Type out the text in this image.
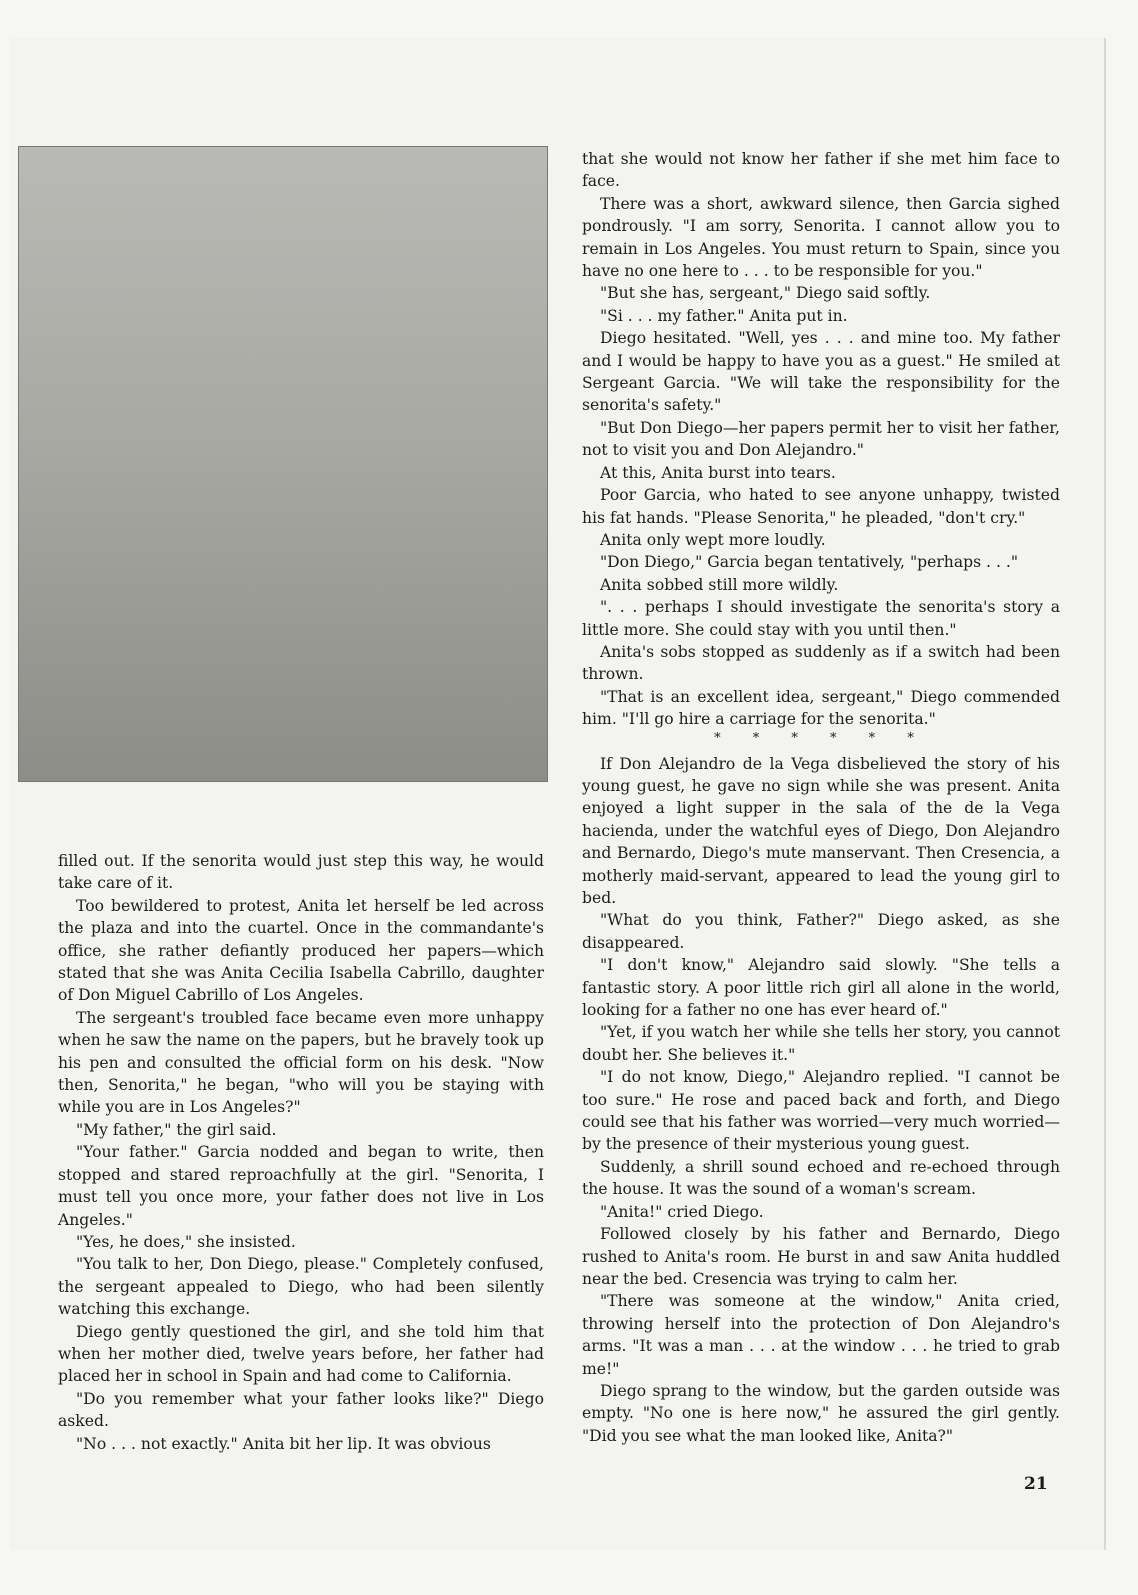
filled out. If the senorita would just step this way, he would take care of it.

Too bewildered to protest, Anita let herself be led across the plaza and into the cuartel. Once in the commandante's office, she rather defiantly produced her papers—which stated that she was Anita Cecilia Isabella Cabrillo, daughter of Don Miguel Cabrillo of Los Angeles.

The sergeant's troubled face became even more unhappy when he saw the name on the papers, but he bravely took up his pen and consulted the official form on his desk. "Now then, Senorita," he began, "who will you be staying with while you are in Los Angeles?"

"My father," the girl said.

"Your father." Garcia nodded and began to write, then stopped and stared reproachfully at the girl. "Senorita, I must tell you once more, your father does not live in Los Angeles."

"Yes, he does," she insisted.

"You talk to her, Don Diego, please." Completely confused, the sergeant appealed to Diego, who had been silently watching this exchange.

Diego gently questioned the girl, and she told him that when her mother died, twelve years before, her father had placed her in school in Spain and had come to California.

"Do you remember what your father looks like?" Diego asked.

"No . . . not exactly." Anita bit her lip. It was obvious

that she would not know her father if she met him face to face.

There was a short, awkward silence, then Garcia sighed pondrously. "I am sorry, Senorita. I cannot allow you to remain in Los Angeles. You must return to Spain, since you have no one here to . . . to be responsible for you."

"But she has, sergeant," Diego said softly.

"Si . . . my father." Anita put in.

Diego hesitated. "Well, yes . . . and mine too. My father and I would be happy to have you as a guest." He smiled at Sergeant Garcia. "We will take the responsibility for the senorita's safety."

"But Don Diego—her papers permit her to visit her father, not to visit you and Don Alejandro."

At this, Anita burst into tears.

Poor Garcia, who hated to see anyone unhappy, twisted his fat hands. "Please Senorita," he pleaded, "don't cry."

Anita only wept more loudly.

"Don Diego," Garcia began tentatively, "perhaps . . ."

Anita sobbed still more wildly.

". . . perhaps I should investigate the senorita's story a little more. She could stay with you until then."

Anita's sobs stopped as suddenly as if a switch had been thrown.

"That is an excellent idea, sergeant," Diego commended him. "I'll go hire a carriage for the senorita."

* * * * * *

If Don Alejandro de la Vega disbelieved the story of his young guest, he gave no sign while she was present. Anita enjoyed a light supper in the sala of the de la Vega hacienda, under the watchful eyes of Diego, Don Alejandro and Bernardo, Diego's mute manservant. Then Cresencia, a motherly maid-servant, appeared to lead the young girl to bed.

"What do you think, Father?" Diego asked, as she disappeared.

"I don't know," Alejandro said slowly. "She tells a fantastic story. A poor little rich girl all alone in the world, looking for a father no one has ever heard of."

"Yet, if you watch her while she tells her story, you cannot doubt her. She believes it."

"I do not know, Diego," Alejandro replied. "I cannot be too sure." He rose and paced back and forth, and Diego could see that his father was worried—very much worried—by the presence of their mysterious young guest.

Suddenly, a shrill sound echoed and re-echoed through the house. It was the sound of a woman's scream.

"Anita!" cried Diego.

Followed closely by his father and Bernardo, Diego rushed to Anita's room. He burst in and saw Anita huddled near the bed. Cresencia was trying to calm her.

"There was someone at the window," Anita cried, throwing herself into the protection of Don Alejandro's arms. "It was a man . . . at the window . . . he tried to grab me!"

Diego sprang to the window, but the garden outside was empty. "No one is here now," he assured the girl gently. "Did you see what the man looked like, Anita?"

21
